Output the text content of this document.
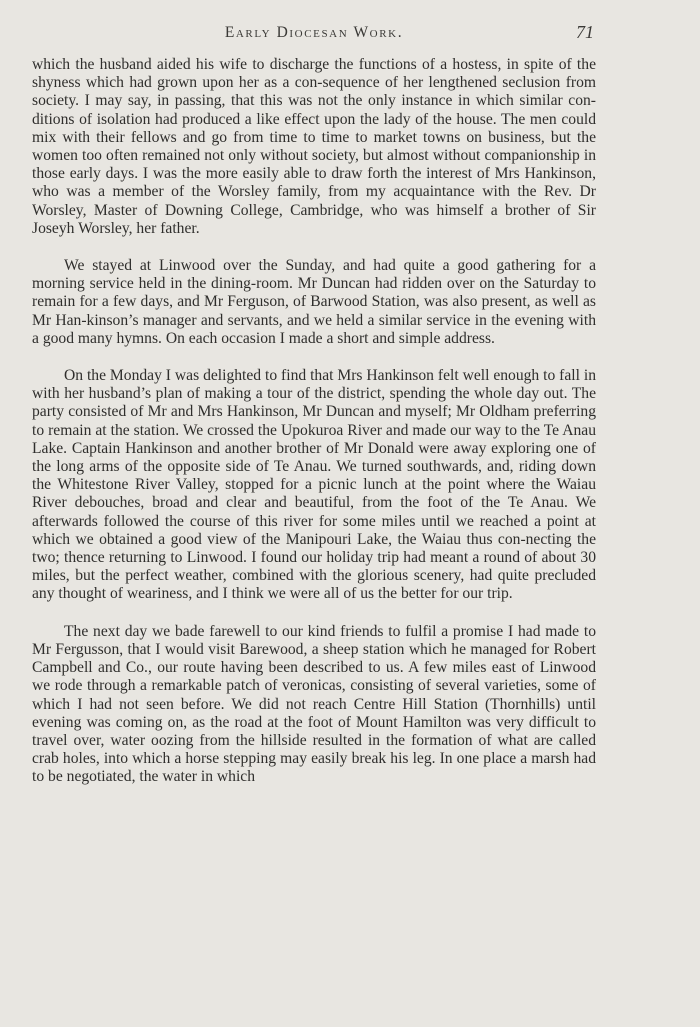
Early Diocesan Work.	71

which the husband aided his wife to discharge the functions of a hostess, in spite of the shyness which had grown upon her as a con-sequence of her lengthened seclusion from society. I may say, in passing, that this was not the only instance in which similar con-ditions of isolation had produced a like effect upon the lady of the house. The men could mix with their fellows and go from time to time to market towns on business, but the women too often remained not only without society, but almost without companionship in those early days. I was the more easily able to draw forth the interest of Mrs Hankinson, who was a member of the Worsley family, from my acquaintance with the Rev. Dr Worsley, Master of Downing College, Cambridge, who was himself a brother of Sir Joseyh Worsley, her father.

We stayed at Linwood over the Sunday, and had quite a good gathering for a morning service held in the dining-room. Mr Duncan had ridden over on the Saturday to remain for a few days, and Mr Ferguson, of Barwood Station, was also present, as well as Mr Han-kinson’s manager and servants, and we held a similar service in the evening with a good many hymns. On each occasion I made a short and simple address.

On the Monday I was delighted to find that Mrs Hankinson felt well enough to fall in with her husband’s plan of making a tour of the district, spending the whole day out. The party consisted of Mr and Mrs Hankinson, Mr Duncan and myself; Mr Oldham preferring to remain at the station. We crossed the Upokuroa River and made our way to the Te Anau Lake. Captain Hankinson and another brother of Mr Donald were away exploring one of the long arms of the opposite side of Te Anau. We turned southwards, and, riding down the Whitestone River Valley, stopped for a picnic lunch at the point where the Waiau River debouches, broad and clear and beautiful, from the foot of the Te Anau. We afterwards followed the course of this river for some miles until we reached a point at which we obtained a good view of the Manipouri Lake, the Waiau thus con-necting the two; thence returning to Linwood. I found our holiday trip had meant a round of about 30 miles, but the perfect weather, combined with the glorious scenery, had quite precluded any thought of weariness, and I think we were all of us the better for our trip.

The next day we bade farewell to our kind friends to fulfil a promise I had made to Mr Fergusson, that I would visit Barewood, a sheep station which he managed for Robert Campbell and Co., our route having been described to us. A few miles east of Linwood we rode through a remarkable patch of veronicas, consisting of several varieties, some of which I had not seen before. We did not reach Centre Hill Station (Thornhills) until evening was coming on, as the road at the foot of Mount Hamilton was very difficult to travel over, water oozing from the hillside resulted in the formation of what are called crab holes, into which a horse stepping may easily break his leg. In one place a marsh had to be negotiated, the water in which
